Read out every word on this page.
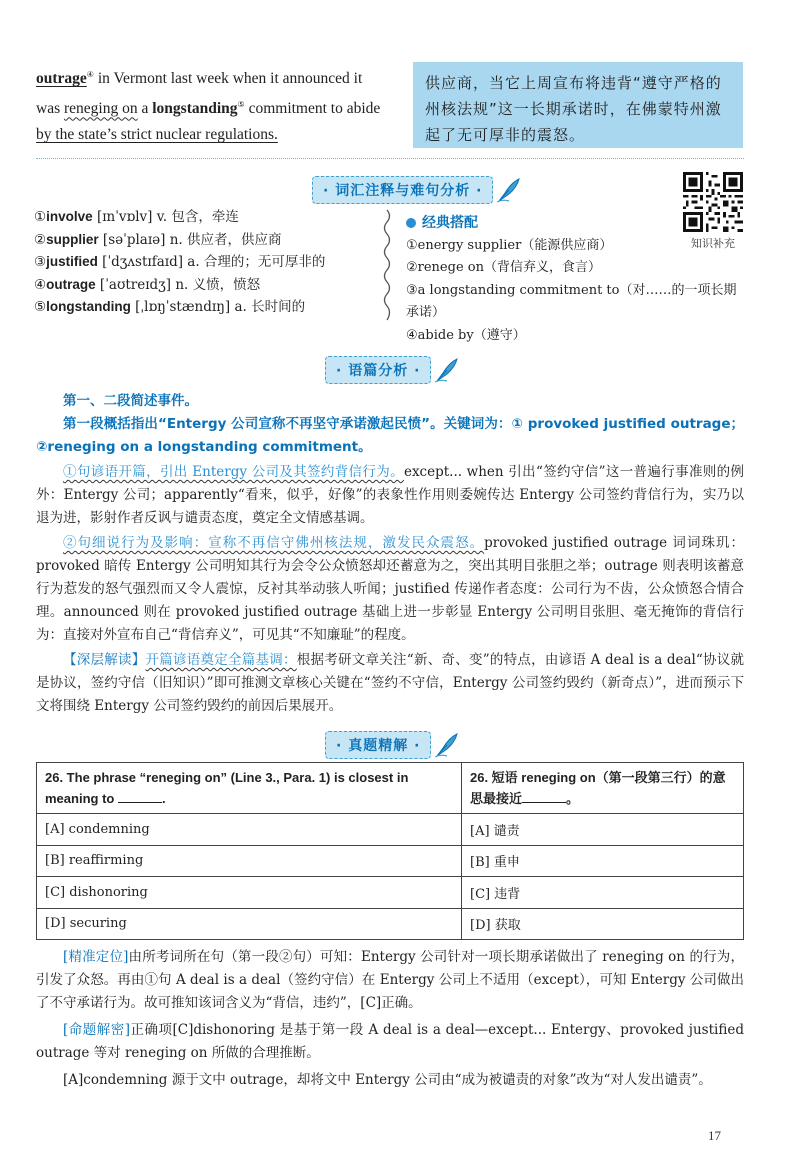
outrage④ in Vermont last week when it announced it
was reneging on a longstanding⑤ commitment to abide
by the state’s strict nuclear regulations.
供应商，当它上周宣布将违背“遵守严格的州核法规”这一长期承诺时，在佛蒙特州激起了无可厚非的震怒。
· 词汇注释与难句分析 ·
①involve [ɪnˈvɒlv] v. 包含，牵连
②supplier [səˈplaɪə] n. 供应者，供应商
③justified [ˈdʒʌstɪfaɪd] a. 合理的；无可厚非的
④outrage [ˈaʊtreɪdʒ] n. 义愤，愤怒
⑤longstanding [ˌlɒŋˈstændɪŋ] a. 长时间的
经典搭配
①energy supplier（能源供应商）
②renege on（背信弃义，食言）
③a longstanding commitment to（对……的一项长期承诺）
④abide by（遵守）
知识补充
· 语篇分析 ·
第一、二段简述事件。
第一段概括指出“Entergy 公司宣称不再坚守承诺激起民愤”。关键词为：① provoked justified outrage；②reneging on a longstanding commitment。
①句谚语开篇，引出 Entergy 公司及其签约背信行为。except... when 引出“签约守信”这一普遍行事准则的例外：Entergy 公司；apparently“看来，似乎，好像”的表象性作用则委婉传达 Entergy 公司签约背信行为，实乃以退为进，影射作者反讽与谴责态度，奠定全文情感基调。
②句细说行为及影响：宣称不再信守佛州核法规，激发民众震怒。provoked justified outrage 词词珠玑：provoked 暗传 Entergy 公司明知其行为会令公众愤怒却还蓄意为之，突出其明目张胆之举；outrage 则表明该蓄意行为惹发的怒气强烈而又令人震惊，反衬其举动骇人听闻；justified 传递作者态度：公司行为不齿，公众愤怒合情合理。announced 则在 provoked justified outrage 基础上进一步彰显 Entergy 公司明目张胆、毫无掩饰的背信行为：直接对外宣布自己“背信弃义”，可见其“不知廉耻”的程度。
【深层解读】开篇谚语奠定全篇基调：根据考研文章关注“新、奇、变”的特点，由谚语 A deal is a deal“协议就是协议，签约守信（旧知识）”即可推测文章核心关键在“签约不守信，Entergy 公司签约毁约（新奇点）”，进而预示下文将围绕 Entergy 公司签约毁约的前因后果展开。
· 真题精解 ·
26. The phrase “reneging on” (Line 3., Para. 1) is closest in meaning to .	26. 短语 reneging on（第一段第三行）的意思最接近 。
[A] condemning	[A] 谴责
[B] reaffirming	[B] 重申
[C] dishonoring	[C] 违背
[D] securing	[D] 获取
[精准定位]由所考词所在句（第一段②句）可知：Entergy 公司针对一项长期承诺做出了 reneging on 的行为，引发了众怒。再由①句 A deal is a deal（签约守信）在 Entergy 公司上不适用（except），可知 Entergy 公司做出了不守承诺行为。故可推知该词含义为“背信，违约”，[C]正确。
[命题解密]正确项[C]dishonoring 是基于第一段 A deal is a deal—except... Entergy、provoked justified outrage 等对 reneging on 所做的合理推断。
[A]condemning 源于文中 outrage，却将文中 Entergy 公司由“成为被谴责的对象”改为“对人发出谴责”。
17
